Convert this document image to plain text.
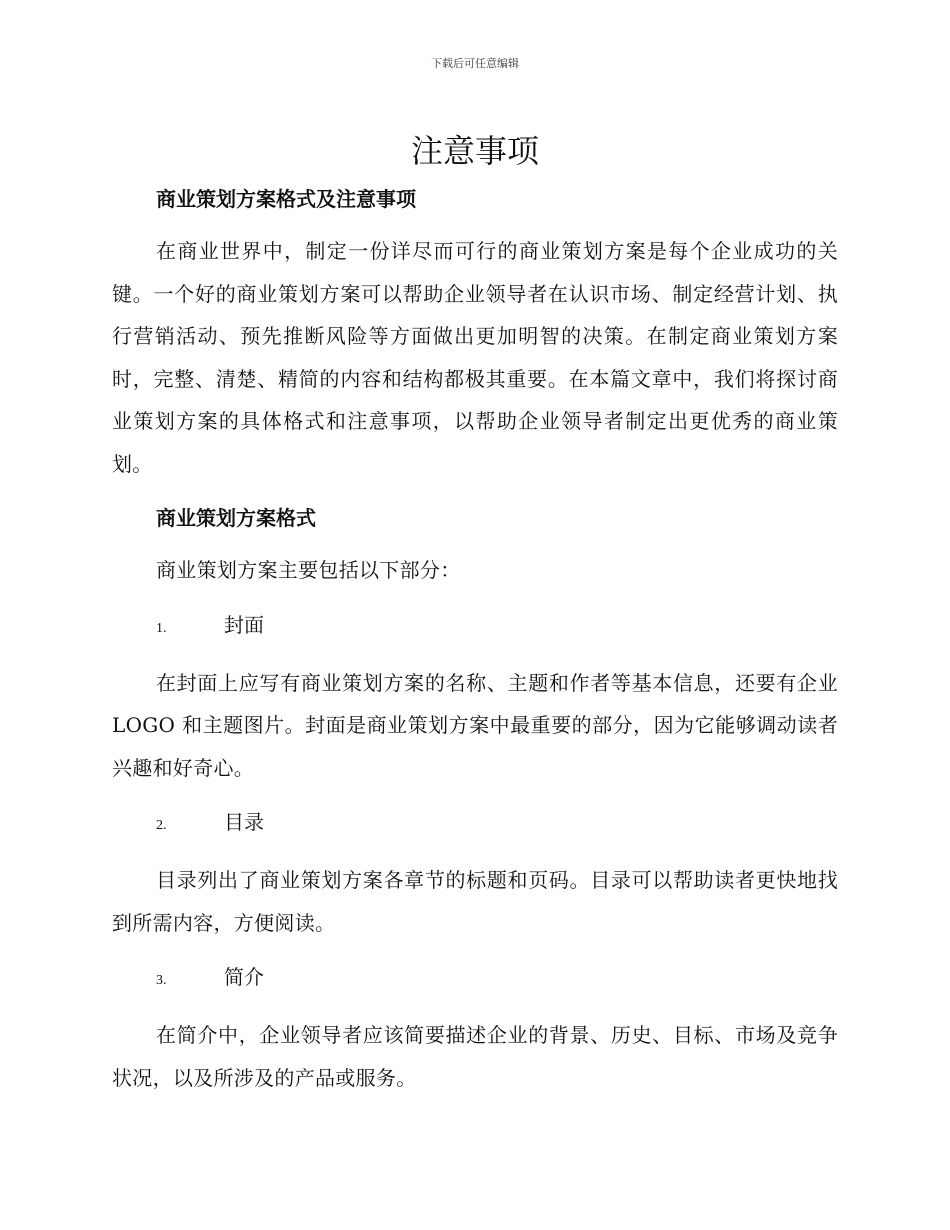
下载后可任意编辑
注意事项

商业策划方案格式及注意事项

在商业世界中，制定一份详尽而可行的商业策划方案是每个企业成功的关键。一个好的商业策划方案可以帮助企业领导者在认识市场、制定经营计划、执行营销活动、预先推断风险等方面做出更加明智的决策。在制定商业策划方案时，完整、清楚、精简的内容和结构都极其重要。在本篇文章中，我们将探讨商业策划方案的具体格式和注意事项，以帮助企业领导者制定出更优秀的商业策划。

商业策划方案格式

商业策划方案主要包括以下部分：

1.	封面

在封面上应写有商业策划方案的名称、主题和作者等基本信息，还要有企业 LOGO 和主题图片。封面是商业策划方案中最重要的部分，因为它能够调动读者兴趣和好奇心。

2.	目录

目录列出了商业策划方案各章节的标题和页码。目录可以帮助读者更快地找到所需内容，方便阅读。

3.	简介

在简介中，企业领导者应该简要描述企业的背景、历史、目标、市场及竞争状况，以及所涉及的产品或服务。
